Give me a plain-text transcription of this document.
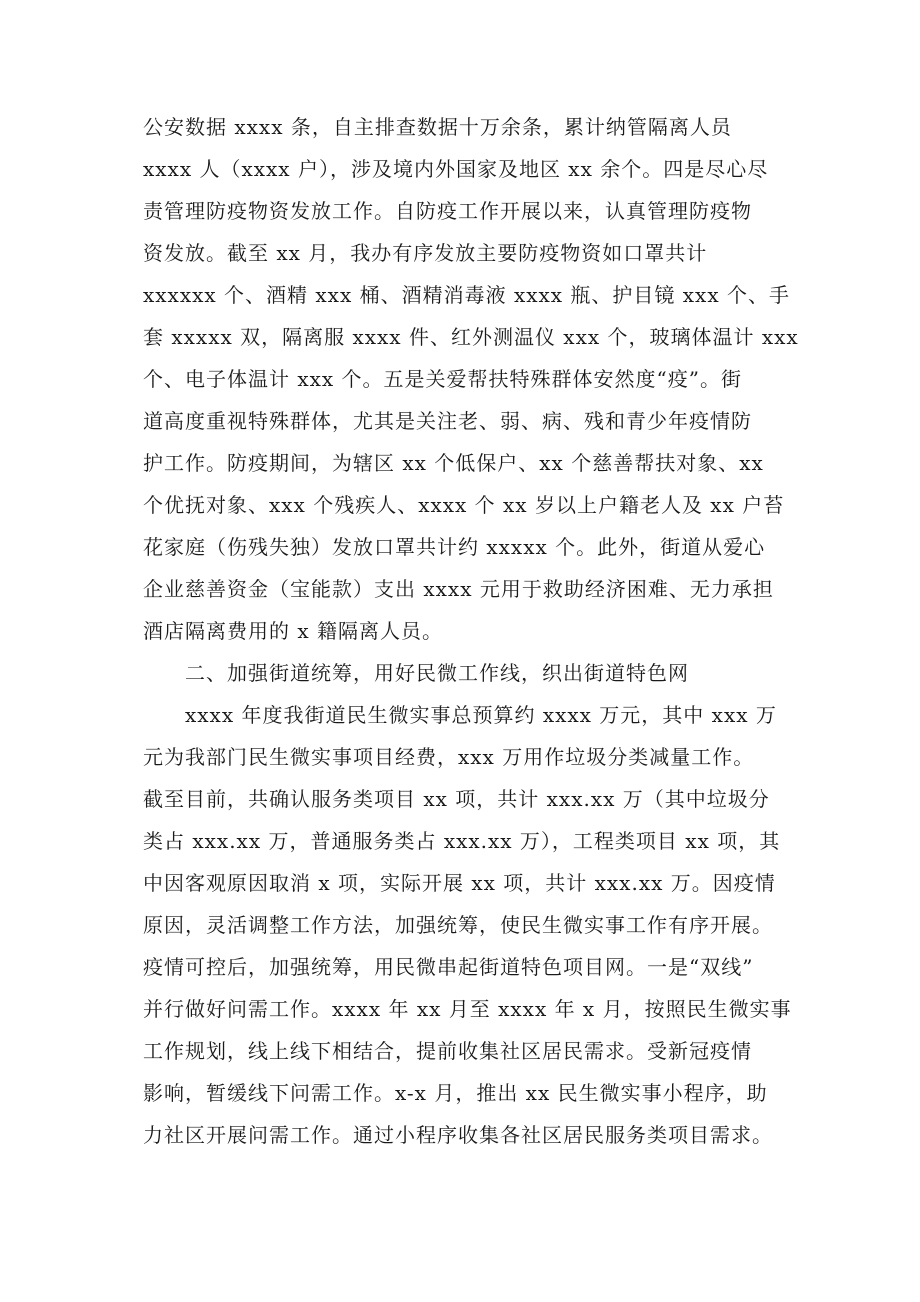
公安数据 xxxx 条，自主排查数据十万余条，累计纳管隔离人员
xxxx 人（xxxx 户），涉及境内外国家及地区 xx 余个。四是尽心尽
责管理防疫物资发放工作。自防疫工作开展以来，认真管理防疫物
资发放。截至 xx 月，我办有序发放主要防疫物资如口罩共计
xxxxxx 个、酒精 xxx 桶、酒精消毒液 xxxx 瓶、护目镜 xxx 个、手
套 xxxxx 双，隔离服 xxxx 件、红外测温仪 xxx 个，玻璃体温计 xxx
个、电子体温计 xxx 个。五是关爱帮扶特殊群体安然度“疫”。街
道高度重视特殊群体，尤其是关注老、弱、病、残和青少年疫情防
护工作。防疫期间，为辖区 xx 个低保户、xx 个慈善帮扶对象、xx
个优抚对象、xxx 个残疾人、xxxx 个 xx 岁以上户籍老人及 xx 户苔
花家庭（伤残失独）发放口罩共计约 xxxxx 个。此外，街道从爱心
企业慈善资金（宝能款）支出 xxxx 元用于救助经济困难、无力承担
酒店隔离费用的 x 籍隔离人员。
二、加强街道统筹，用好民微工作线，织出街道特色网
xxxx 年度我街道民生微实事总预算约 xxxx 万元，其中 xxx 万
元为我部门民生微实事项目经费，xxx 万用作垃圾分类减量工作。
截至目前，共确认服务类项目 xx 项，共计 xxx.xx 万（其中垃圾分
类占 xxx.xx 万，普通服务类占 xxx.xx 万），工程类项目 xx 项，其
中因客观原因取消 x 项，实际开展 xx 项，共计 xxx.xx 万。因疫情
原因，灵活调整工作方法，加强统筹，使民生微实事工作有序开展。
疫情可控后，加强统筹，用民微串起街道特色项目网。一是“双线”
并行做好问需工作。xxxx 年 xx 月至 xxxx 年 x 月，按照民生微实事
工作规划，线上线下相结合，提前收集社区居民需求。受新冠疫情
影响，暂缓线下问需工作。x-x 月，推出 xx 民生微实事小程序，助
力社区开展问需工作。通过小程序收集各社区居民服务类项目需求。
